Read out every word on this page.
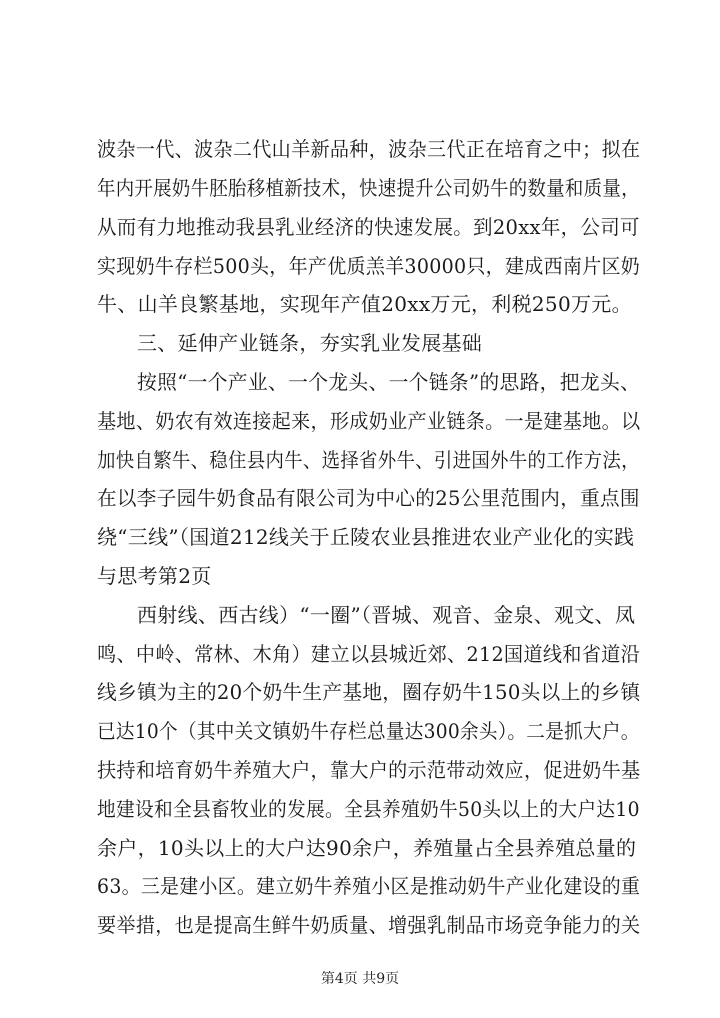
波杂一代、波杂二代山羊新品种，波杂三代正在培育之中；拟在
年内开展奶牛胚胎移植新技术，快速提升公司奶牛的数量和质量，
从而有力地推动我县乳业经济的快速发展。到20xx年，公司可
实现奶牛存栏500头，年产优质羔羊30000只，建成西南片区奶
牛、山羊良繁基地，实现年产值20xx万元，利税250万元。
三、延伸产业链条，夯实乳业发展基础
按照“一个产业、一个龙头、一个链条”的思路，把龙头、
基地、奶农有效连接起来，形成奶业产业链条。一是建基地。以
加快自繁牛、稳住县内牛、选择省外牛、引进国外牛的工作方法，
在以李子园牛奶食品有限公司为中心的25公里范围内，重点围
绕“三线”（国道212线关于丘陵农业县推进农业产业化的实践
与思考第2页
西射线、西古线）“一圈”（晋城、观音、金泉、观文、凤
鸣、中岭、常林、木角）建立以县城近郊、212国道线和省道沿
线乡镇为主的20个奶牛生产基地，圈存奶牛150头以上的乡镇
已达10个（其中关文镇奶牛存栏总量达300余头）。二是抓大户。
扶持和培育奶牛养殖大户，靠大户的示范带动效应，促进奶牛基
地建设和全县畜牧业的发展。全县养殖奶牛50头以上的大户达10
余户，10头以上的大户达90余户，养殖量占全县养殖总量的
63。三是建小区。建立奶牛养殖小区是推动奶牛产业化建设的重
要举措，也是提高生鲜牛奶质量、增强乳制品市场竞争能力的关
第4页 共9页
